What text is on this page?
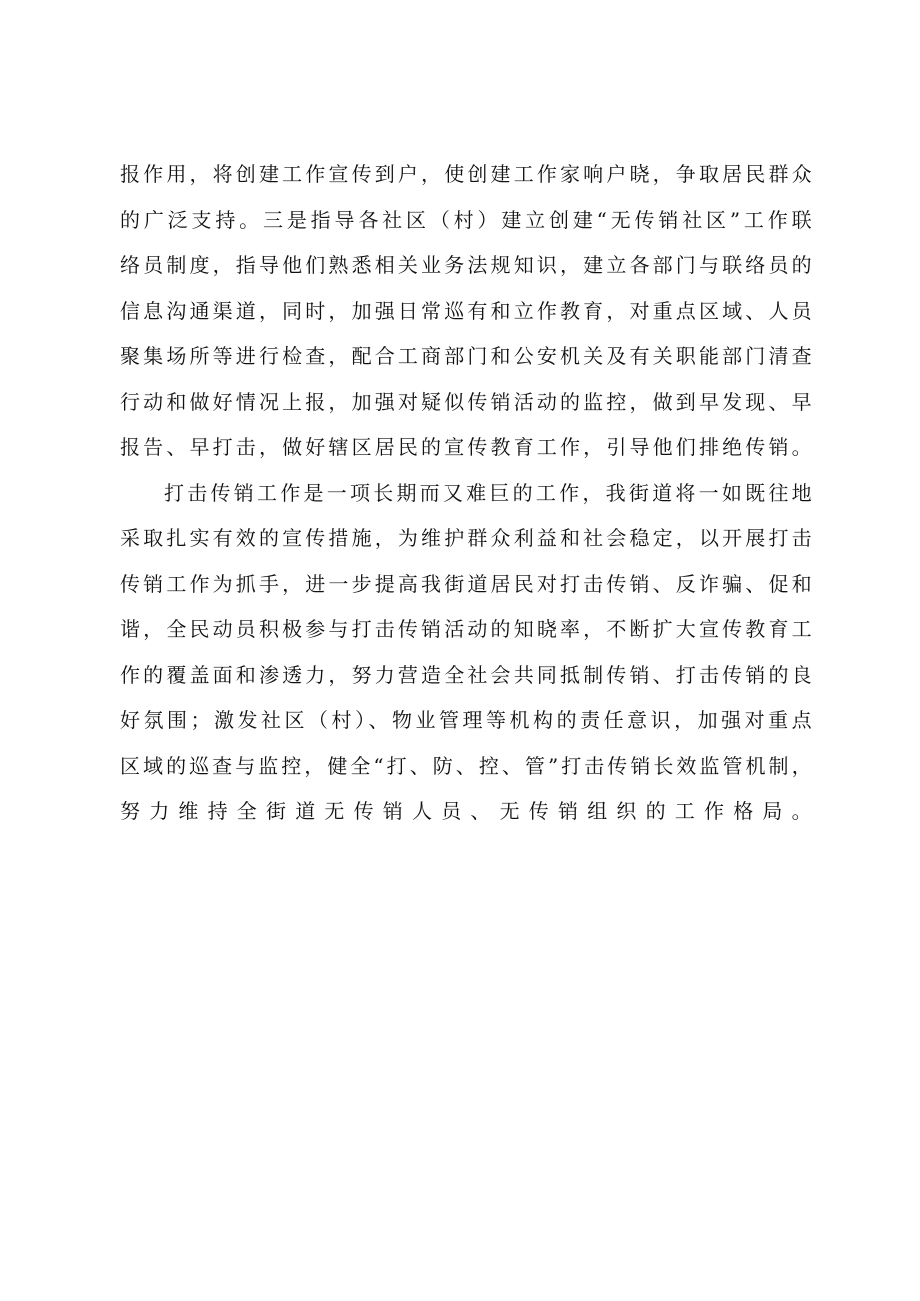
报作用，将创建工作宣传到户，使创建工作家响户晓，争取居民群众
的广泛支持。三是指导各社区（村）建立创建“无传销社区”工作联
络员制度，指导他们熟悉相关业务法规知识，建立各部门与联络员的
信息沟通渠道，同时，加强日常巡有和立作教育，对重点区域、人员
聚集场所等进行检查，配合工商部门和公安机关及有关职能部门清查
行动和做好情况上报，加强对疑似传销活动的监控，做到早发现、早
报告、早打击，做好辖区居民的宣传教育工作，引导他们排绝传销。
打击传销工作是一项长期而又难巨的工作，我街道将一如既往地
采取扎实有效的宣传措施，为维护群众利益和社会稳定，以开展打击
传销工作为抓手，进一步提高我街道居民对打击传销、反诈骗、促和
谐，全民动员积极参与打击传销活动的知晓率，不断扩大宣传教育工
作的覆盖面和渗透力，努力营造全社会共同抵制传销、打击传销的良
好氛围；激发社区（村）、物业管理等机构的责任意识，加强对重点
区域的巡查与监控，健全“打、防、控、管”打击传销长效监管机制，
努力维持全街道无传销人员、无传销组织的工作格局。
